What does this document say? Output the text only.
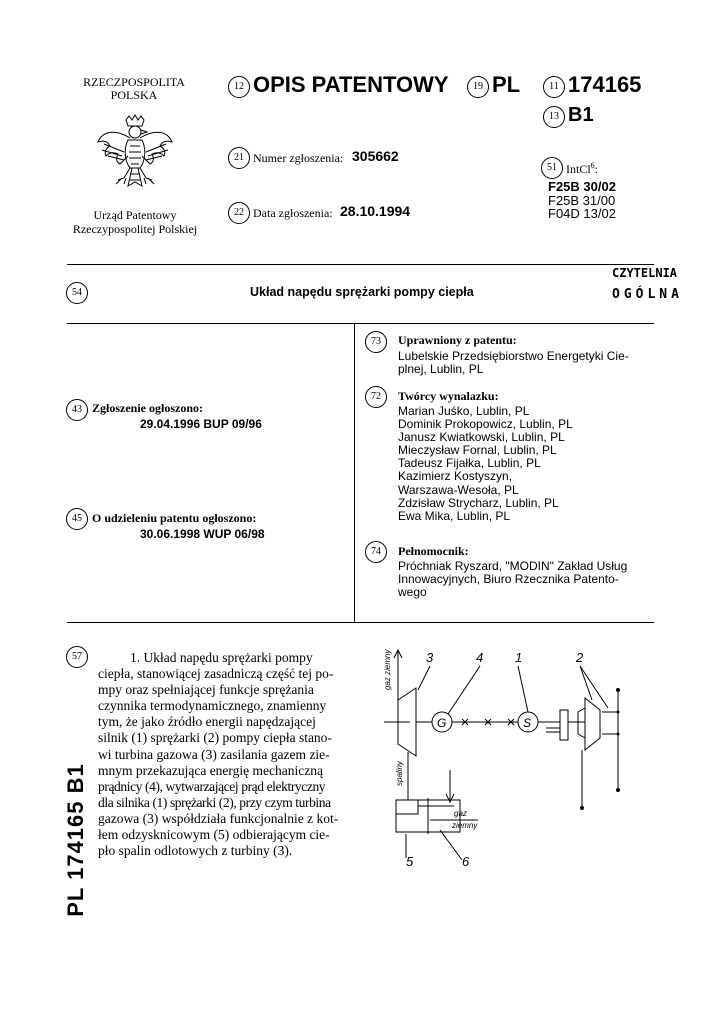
RZECZPOSPOLITA
POLSKA
Urząd Patentowy
Rzeczypospolitej Polskiej
12 OPIS PATENTOWY	19 PL	11 174165
13 B1
21 Numer zgłoszenia: 305662
22 Data zgłoszenia: 28.10.1994
51 IntCl$^6$:
F25B 30/02
F25B 31/00
F04D 13/02
CZYTELNIA
OGÓLNA
54	Układ napędu sprężarki pompy ciepła
43 Zgłoszenie ogłoszono:
29.04.1996 BUP 09/96
45 O udzieleniu patentu ogłoszono:
30.06.1998 WUP 06/98
73	Uprawniony z patentu:
Lubelskie Przedsiębiorstwo Energetyki Cie-
plnej, Lublin, PL
72	Twórcy wynalazku:
Marian Juśko, Lublin, PL
Dominik Prokopowicz, Lublin, PL
Janusz Kwiatkowski, Lublin, PL
Mieczysław Fornal, Lublin, PL
Tadeusz Fijałka, Lublin, PL
Kazimierz Kostyszyn,
Warszawa-Wesoła, PL
Zdzisław Strycharz, Lublin, PL
Ewa Mika, Lublin, PL
74	Pełnomocnik:
Próchniak Ryszard, "MODIN" Zakład Usług
Innowacyjnych, Biuro Rzecznika Patento-
wego
57	1. Układ napędu sprężarki pompy
ciepła, stanowiącej zasadniczą część tej po-
mpy oraz spełniającej funkcje sprężania
czynnika termodynamicznego, znamienny
tym, że jako źródło energii napędzającej
silnik (1) sprężarki (2) pompy ciepła stano-
wi turbina gazowa (3) zasilania gazem zie-
mnym przekazująca energię mechaniczną
prądnicy (4), wytwarzającej prąd elektryczny
dla silnika (1) sprężarki (2), przy czym turbina
gazowa (3) współdziała funkcjonalnie z kot-
łem odzysknicowym (5) odbierającym cie-
pło spalin odlotowych z turbiny (3).
PL 174165 B1
3	4 1	2
5	6
G	S
gaz ziemny
spaliny
gaz
ziemny
